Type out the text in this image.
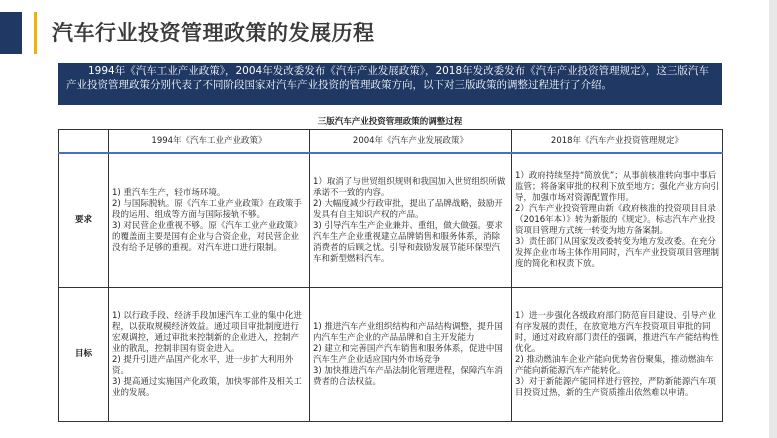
汽车行业投资管理政策的发展历程
1994年《汽车工业产业政策》，2004年发改委发布《汽车产业发展政策》，2018年发改委发布《汽车产业投资管理规定》，这三版汽车产业投资管理政策分别代表了不同阶段国家对汽车产业投资的管理政策方向，以下对三版政策的调整过程进行了介绍。
三版汽车产业投资管理政策的调整过程
	1994年《汽车工业产业政策》	2004年《汽车产业发展政策》	2018年《汽车产业投资管理规定》
要求	1) 重汽车生产，轻市场环境。
2) 与国际脱轨。原《汽车工业产业政策》在政策手段的运用、组成等方面与国际接轨不够。
3) 对民营企业重视不够。原《汽车工业产业政策》的覆盖面主要是国有企业与合资企业，对民营企业没有给予足够的重视。对汽车进口进行限制。	1）取消了与世贸组织规则和我国加入世贸组织所做承诺不一致的内容。
2) 大幅度减少行政审批，提出了品牌战略，鼓励开发具有自主知识产权的产品。
3) 引导汽车生产企业兼并、重组，做大做强。要求汽车生产企业重视建立品牌销售和服务体系，消除消费者的后顾之忧。引导和鼓励发展节能环保型汽车和新型燃料汽车。	1）政府持续坚持“简放优”；从事前核准转向事中事后监管；将备案审批的权利下放至地方；强化产业方向引导，加强市场对资源配置作用。
2）汽车产业投资管理由新《政府核准的投资项目目录（2016年本）》转为新版的《规定》。标志汽车产业投资项目管理方式统一转变为地方备案制。
3）责任部门从国家发改委转变为地方发改委。在充分发挥企业市场主体作用同时，汽车产业投资项目管理制度的简化和权责下放。
目标	1) 以行政手段、经济手段加速汽车工业的集中化进程，以获取规模经济效益。通过项目审批制度进行宏观调控，通过审批来控制新的企业进入，控制产业的散乱，控制非国有资金进入。
2) 提升引进产品国产化水平，进一步扩大利用外资。
3) 提高通过实施国产化政策，加快零部件及相关工业的发展。	1) 推进汽车产业组织结构和产品结构调整，提升国内汽车生产企业的产品品牌和自主开发能力
2) 建立和完善国产汽车销售和服务体系，促进中国汽车生产企业适应国内外市场竞争
3) 加快推进汽车产品法制化管理进程，保障汽车消费者的合法权益。	1）进一步强化各级政府部门防范盲目建设、引导产业有序发展的责任，在放宽地方汽车投资项目审批的同时，通过对政府部门责任的强调，推进汽车产能结构性优化。
2) 推动燃油车企业产能向优势省份聚集，推动燃油车产能向新能源汽车产能转化。
3）对于新能源产能同样进行管控，严防新能源汽车项目投资过热，新的生产资质推出依然难以申请。
